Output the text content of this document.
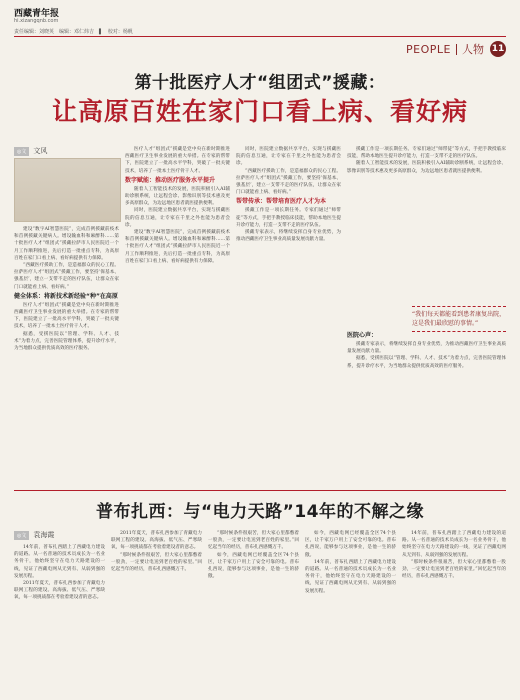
西藏青年报
hi.xizangqnb.com
责任编辑：刘晓英　编辑：邓仁炜吉　▌　校对：杨帆
PEOPLE 人物 11
第十批医疗人才“组团式”援藏：
让高原百姓在家门口看上病、看好病
◎文	文风

建设“数字AI智慧医院”，完成首例援藏前疫术和首例援藏关键病人。增设输血科和麻醉科……第十批医疗人才“组团式”援藏拉萨市人民医院近一个月工作顺利推进，先后打造一批重点专科，为高原百姓在家门口看上病、看好病提供有力保障。

“西藏医疗援助工作，是造福群众的民心工程。拉萨医疗人才“组团式”援藏工作，要坚持‘保基本、强基层’，建立一支带不走的医疗队伍，让群众在家门口就能看上病、看好病。”

健全体系：将新技术新经验“种”在高原

医疗人才“组团式”援藏是党中央在新时期推进西藏医疗卫生事业发展的重大举措。在专家的帮带下，医院建立了一批高水平学科，突破了一批关键技术，培养了一批本土医疗骨干人才。

据悉，受援医院以“管理、学科、人才、技术”为着力点，完善医院管理体系，提升诊疗水平，为当地群众提供优质高效的医疗服务。

医疗人才“组团式”援藏是党中央在新时期推进西藏医疗卫生事业发展的重大举措。在专家的帮带下，医院建立了一批高水平学科，突破了一批关键技术，培养了一批本土医疗骨干人才。

数字赋能：推动医疗服务水平提升

随着人工智能技术的发展，医院积极引入AI辅助诊断系统，让远程会诊、影像识别等技术惠及更多高原群众，为边远地区患者就医提供便利。

同时，医院建立数据共享平台，实现与援藏医院的信息互通，让专家在千里之外也能为患者会诊。

建设“数字AI智慧医院”，完成首例援藏前疫术和首例援藏关键病人。增设输血科和麻醉科……第十批医疗人才“组团式”援藏拉萨市人民医院近一个月工作顺利推进，先后打造一批重点专科，为高原百姓在家门口看上病、看好病提供有力保障。

同时，医院建立数据共享平台，实现与援藏医院的信息互通，让专家在千里之外也能为患者会诊。

“西藏医疗援助工作，是造福群众的民心工程。拉萨医疗人才“组团式”援藏工作，要坚持‘保基本、强基层’，建立一支带不走的医疗队伍，让群众在家门口就能看上病、看好病。”

帮带传承：帮带培育医疗人才为本

援藏工作是一项长期任务。专家们通过“师带徒”等方式，手把手教授临床技能，帮助本地医生提升诊疗能力，打造一支带不走的医疗队伍。

援藏专家表示，将继续发挥自身专业优势，为推动西藏医疗卫生事业高质量发展贡献力量。

援藏工作是一项长期任务。专家们通过“师带徒”等方式，手把手教授临床技能，帮助本地医生提升诊疗能力，打造一支带不走的医疗队伍。

随着人工智能技术的发展，医院积极引入AI辅助诊断系统，让远程会诊、影像识别等技术惠及更多高原群众，为边远地区患者就医提供便利。

“我们每天都能看到患者康复出院，这是我们最欣慰的事情。”
医院心声：

援藏专家表示，将继续发挥自身专业优势，为推动西藏医疗卫生事业高质量发展贡献力量。

据悉，受援医院以“管理、学科、人才、技术”为着力点，完善医院管理体系，提升诊疗水平，为当地群众提供优质高效的医疗服务。

普布扎西：与“电力天路”14年的不解之缘
◎文	袁海霞

14年前，普布扎西踏上了西藏电力建设的道路。从一名普通的技术员成长为一名业务骨干，他始终坚守在电力天路建设的一线，见证了西藏电网从无到有、从弱到强的发展历程。

2011年夏天，普布扎西参加了青藏电力联网工程的建设。高海拔、低气压、严寒缺氧，每一项挑战都在考验着建设者的意志。

2011年夏天，普布扎西参加了青藏电力联网工程的建设。高海拔、低气压、严寒缺氧，每一项挑战都在考验着建设者的意志。

“那时候条件很艰苦，但大家心里都憋着一股劲，一定要让电送到老百姓的家里。”回忆起当年的经历，普布扎西感慨万千。

“那时候条件很艰苦，但大家心里都憋着一股劲，一定要让电送到老百姓的家里。”回忆起当年的经历，普布扎西感慨万千。

如今，西藏电网已经覆盖全区74个县区，让千家万户用上了安全可靠的电。普布扎西说，能够参与这项事业，是他一生的骄傲。

如今，西藏电网已经覆盖全区74个县区，让千家万户用上了安全可靠的电。普布扎西说，能够参与这项事业，是他一生的骄傲。

14年前，普布扎西踏上了西藏电力建设的道路。从一名普通的技术员成长为一名业务骨干，他始终坚守在电力天路建设的一线，见证了西藏电网从无到有、从弱到强的发展历程。

14年前，普布扎西踏上了西藏电力建设的道路。从一名普通的技术员成长为一名业务骨干，他始终坚守在电力天路建设的一线，见证了西藏电网从无到有、从弱到强的发展历程。

“那时候条件很艰苦，但大家心里都憋着一股劲，一定要让电送到老百姓的家里。”回忆起当年的经历，普布扎西感慨万千。
